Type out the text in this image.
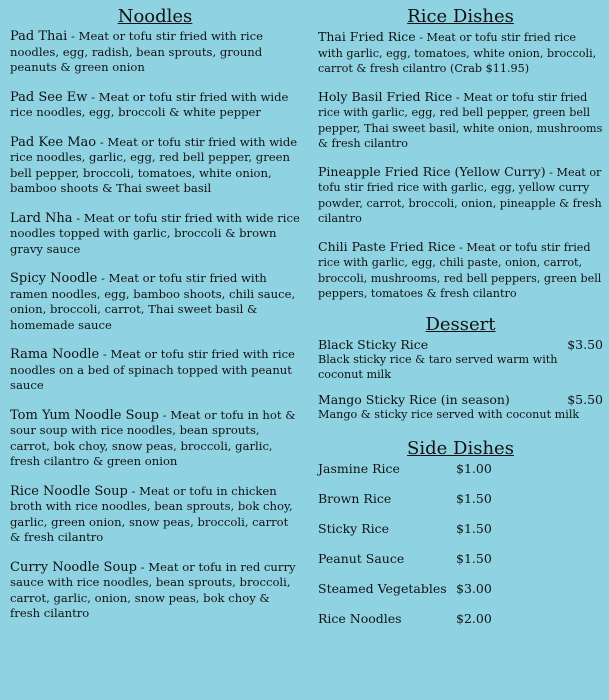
Noodles
Pad Thai - Meat or tofu stir fried with rice noodles, egg, radish, bean sprouts, ground peanuts & green onion
Pad See Ew - Meat or tofu stir fried with wide rice noodles, egg, broccoli & white pepper
Pad Kee Mao - Meat or tofu stir fried with wide rice noodles, garlic, egg, red bell pepper, green bell pepper, broccoli, tomatoes, white onion, bamboo shoots & Thai sweet basil
Lard Nha - Meat or tofu stir fried with wide rice noodles topped with garlic, broccoli & brown gravy sauce
Spicy Noodle - Meat or tofu stir fried with ramen noodles, egg, bamboo shoots, chili sauce, onion, broccoli, carrot, Thai sweet basil & homemade sauce
Rama Noodle - Meat or tofu stir fried with rice noodles on a bed of spinach topped with peanut sauce
Tom Yum Noodle Soup - Meat or tofu in hot & sour soup with rice noodles, bean sprouts, carrot, bok choy, snow peas, broccoli, garlic, fresh cilantro & green onion
Rice Noodle Soup - Meat or tofu in chicken broth with rice noodles, bean sprouts, bok choy, garlic, green onion, snow peas, broccoli, carrot & fresh cilantro
Curry Noodle Soup - Meat or tofu in red curry sauce with rice noodles, bean sprouts, broccoli, carrot, garlic, onion, snow peas, bok choy & fresh cilantro
Rice Dishes
Thai Fried Rice - Meat or tofu stir fried rice with garlic, egg, tomatoes, white onion, broccoli, carrot & fresh cilantro (Crab $11.95)
Holy Basil Fried Rice - Meat or tofu stir fried rice with garlic, egg, red bell pepper, green bell pepper, Thai sweet basil, white onion, mushrooms & fresh cilantro
Pineapple Fried Rice (Yellow Curry) - Meat or tofu stir fried rice with garlic, egg, yellow curry powder, carrot, broccoli, onion, pineapple & fresh cilantro
Chili Paste Fried Rice - Meat or tofu stir fried rice with garlic, egg, chili paste, onion, carrot, broccoli, mushrooms, red bell peppers, green bell peppers, tomatoes & fresh cilantro
Dessert
Black Sticky Rice	$3.50
Black sticky rice & taro served warm with coconut milk
Mango Sticky Rice (in season)	$5.50
Mango & sticky rice served with coconut milk
Side Dishes
Jasmine Rice	$1.00
Brown Rice	$1.50
Sticky Rice	$1.50
Peanut Sauce	$1.50
Steamed Vegetables $3.00
Rice Noodles	$2.00
